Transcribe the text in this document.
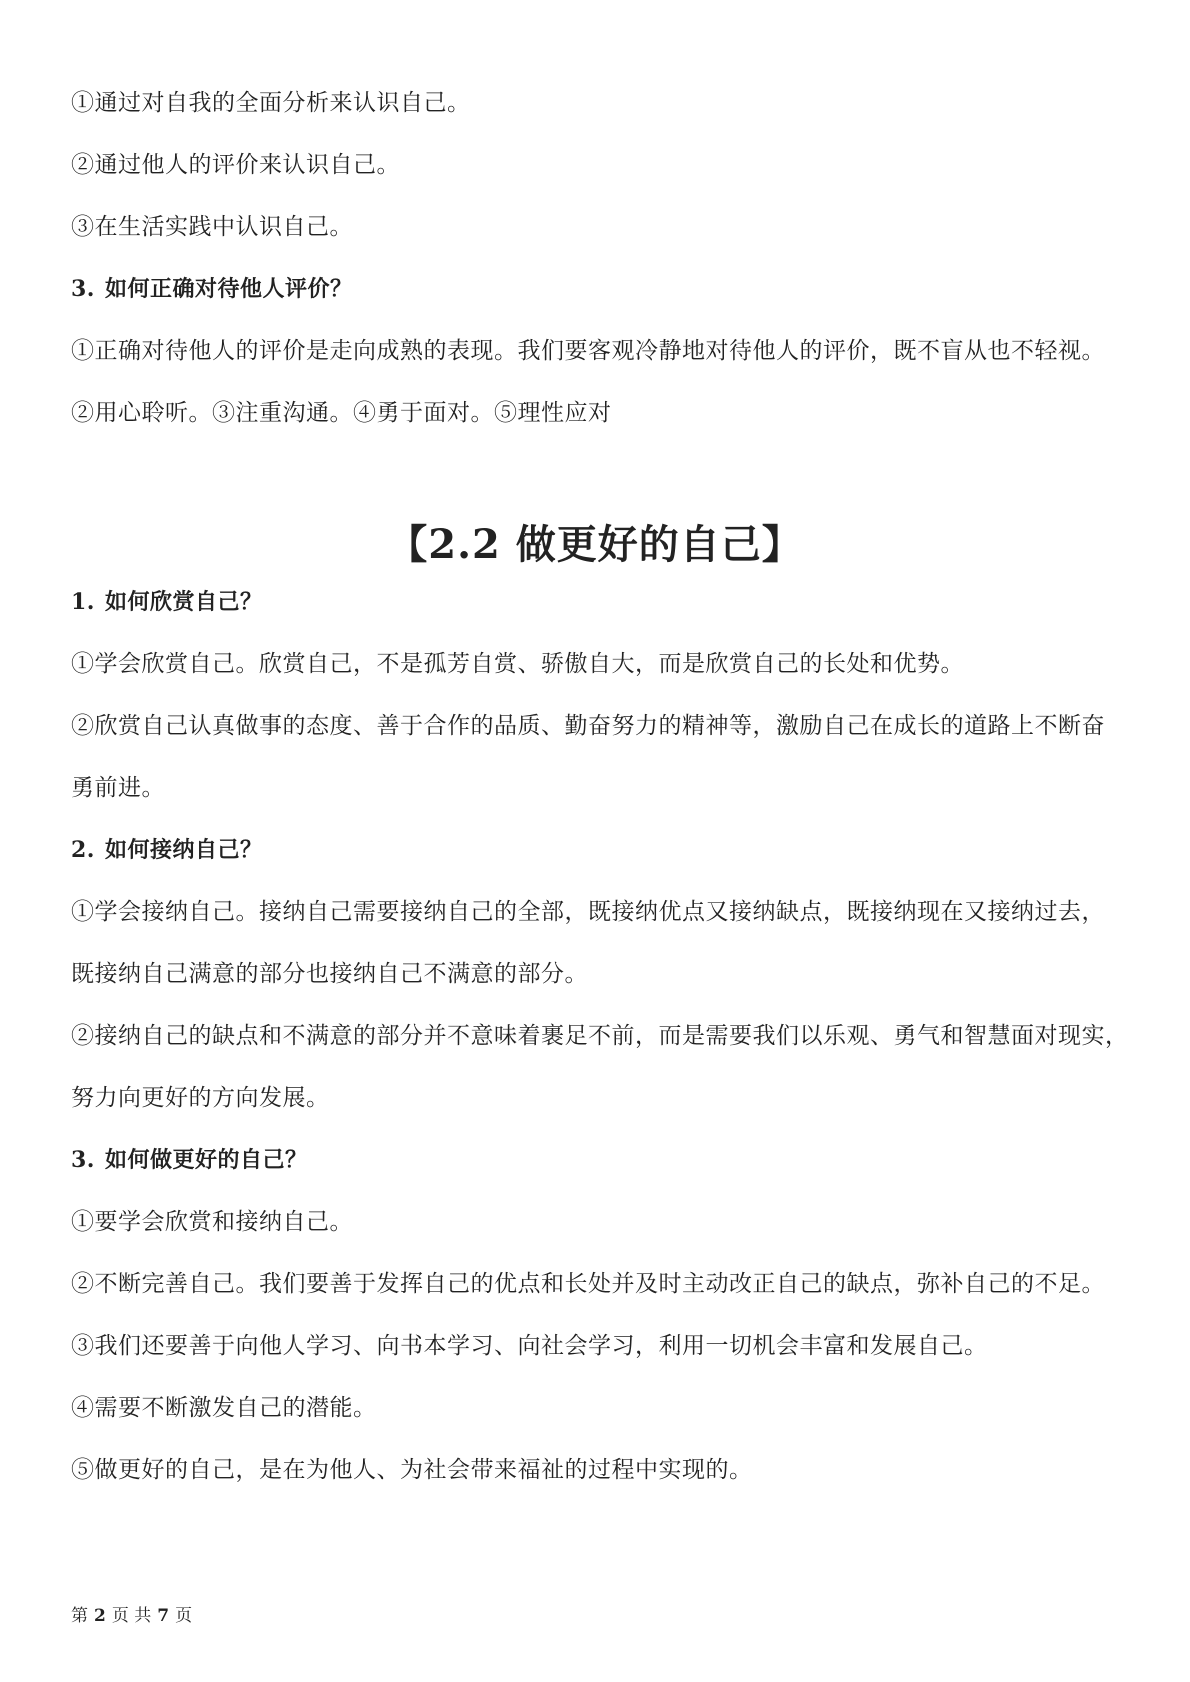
①通过对自我的全面分析来认识自己。
②通过他人的评价来认识自己。
③在生活实践中认识自己。
3. 如何正确对待他人评价？
①正确对待他人的评价是走向成熟的表现。我们要客观冷静地对待他人的评价，既不盲从也不轻视。
②用心聆听。③注重沟通。④勇于面对。⑤理性应对
【2.2 做更好的自己】
1. 如何欣赏自己？
①学会欣赏自己。欣赏自己，不是孤芳自赏、骄傲自大，而是欣赏自己的长处和优势。
②欣赏自己认真做事的态度、善于合作的品质、勤奋努力的精神等，激励自己在成长的道路上不断奋
勇前进。
2. 如何接纳自己？
①学会接纳自己。接纳自己需要接纳自己的全部，既接纳优点又接纳缺点，既接纳现在又接纳过去，
既接纳自己满意的部分也接纳自己不满意的部分。
②接纳自己的缺点和不满意的部分并不意味着裹足不前，而是需要我们以乐观、勇气和智慧面对现实，
努力向更好的方向发展。
3. 如何做更好的自己？
①要学会欣赏和接纳自己。
②不断完善自己。我们要善于发挥自己的优点和长处并及时主动改正自己的缺点，弥补自己的不足。
③我们还要善于向他人学习、向书本学习、向社会学习，利用一切机会丰富和发展自己。
④需要不断激发自己的潜能。
⑤做更好的自己，是在为他人、为社会带来福祉的过程中实现的。
第 2 页 共 7 页
